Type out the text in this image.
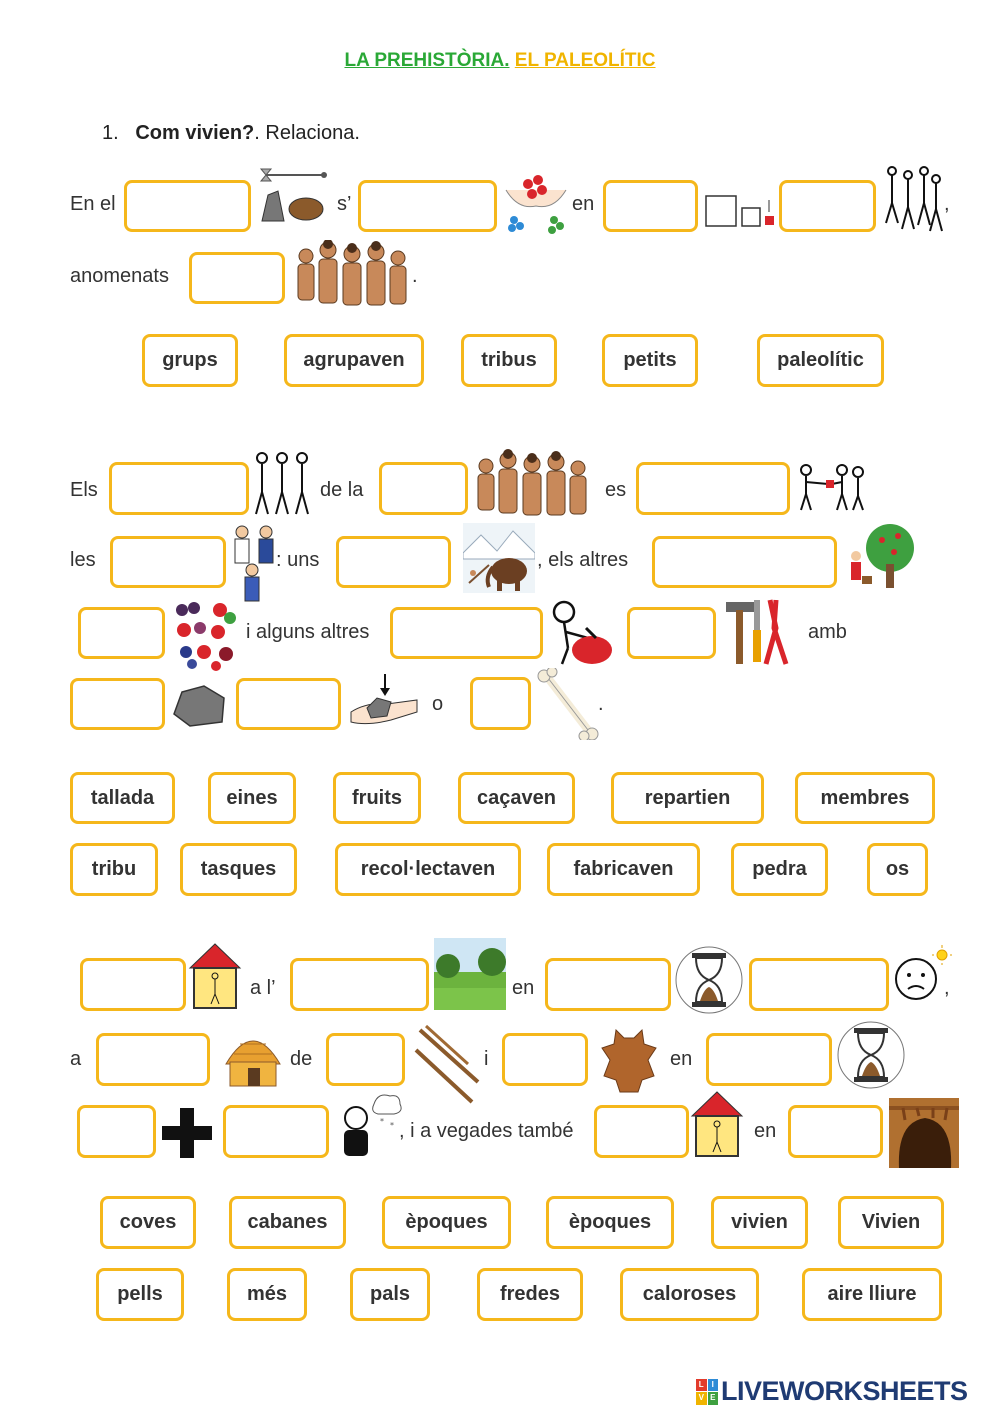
LA PREHISTÒRIA. EL PALEOLÍTIC
1. Com vivien?. Relaciona.
En el	s’	en	,
anomenats	.
grups	agrupaven	tribus	petits	paleolític
Els	de la	es
les	: uns	, els altres
i alguns altres	amb
o	.
tallada	eines	fruits	caçaven	repartien	membres
tribu	tasques	recol·lectaven	fabricaven	pedra	os
a l’	en	,
a	de	i	en
* * , i a vegades també	en
coves	cabanes	èpoques	èpoques	vivien	Vivien
pells	més	pals	fredes	caloroses	aire lliure
L I
V E LIVEWORKSHEETS
